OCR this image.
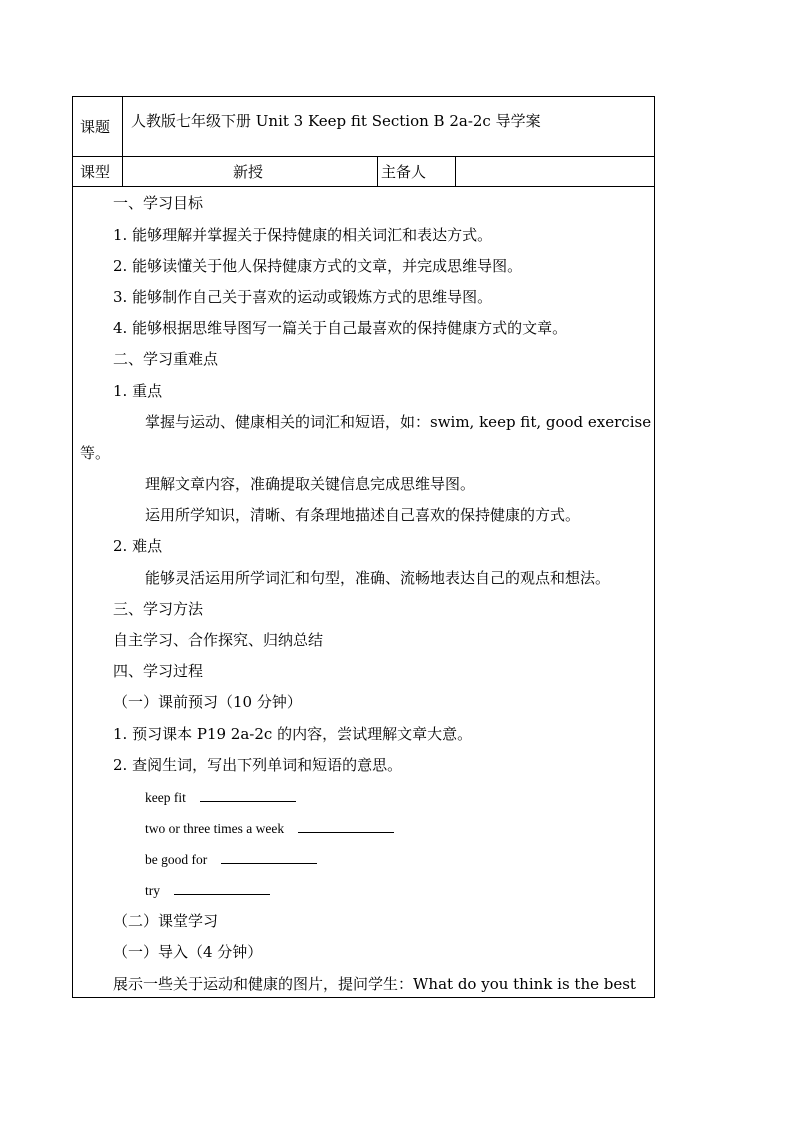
课题 人教版七年级下册 Unit 3 Keep fit Section B 2a-2c 导学案
课型	新授	主备人
一、学习目标
1. 能够理解并掌握关于保持健康的相关词汇和表达方式。
2. 能够读懂关于他人保持健康方式的文章，并完成思维导图。
3. 能够制作自己关于喜欢的运动或锻炼方式的思维导图。
4. 能够根据思维导图写一篇关于自己最喜欢的保持健康方式的文章。
二、学习重难点
1. 重点
掌握与运动、健康相关的词汇和短语，如：swim, keep fit, good exercise
等。
理解文章内容，准确提取关键信息完成思维导图。
运用所学知识，清晰、有条理地描述自己喜欢的保持健康的方式。
2. 难点
能够灵活运用所学词汇和句型，准确、流畅地表达自己的观点和想法。
三、学习方法
自主学习、合作探究、归纳总结
四、学习过程
（一）课前预习（10 分钟）
1. 预习课本 P19 2a-2c 的内容，尝试理解文章大意。
2. 查阅生词，写出下列单词和短语的意思。
keep fit
two or three times a week
be good for
try
（二）课堂学习
（一）导入（4 分钟）
展示一些关于运动和健康的图片，提问学生：What do you think is the best
